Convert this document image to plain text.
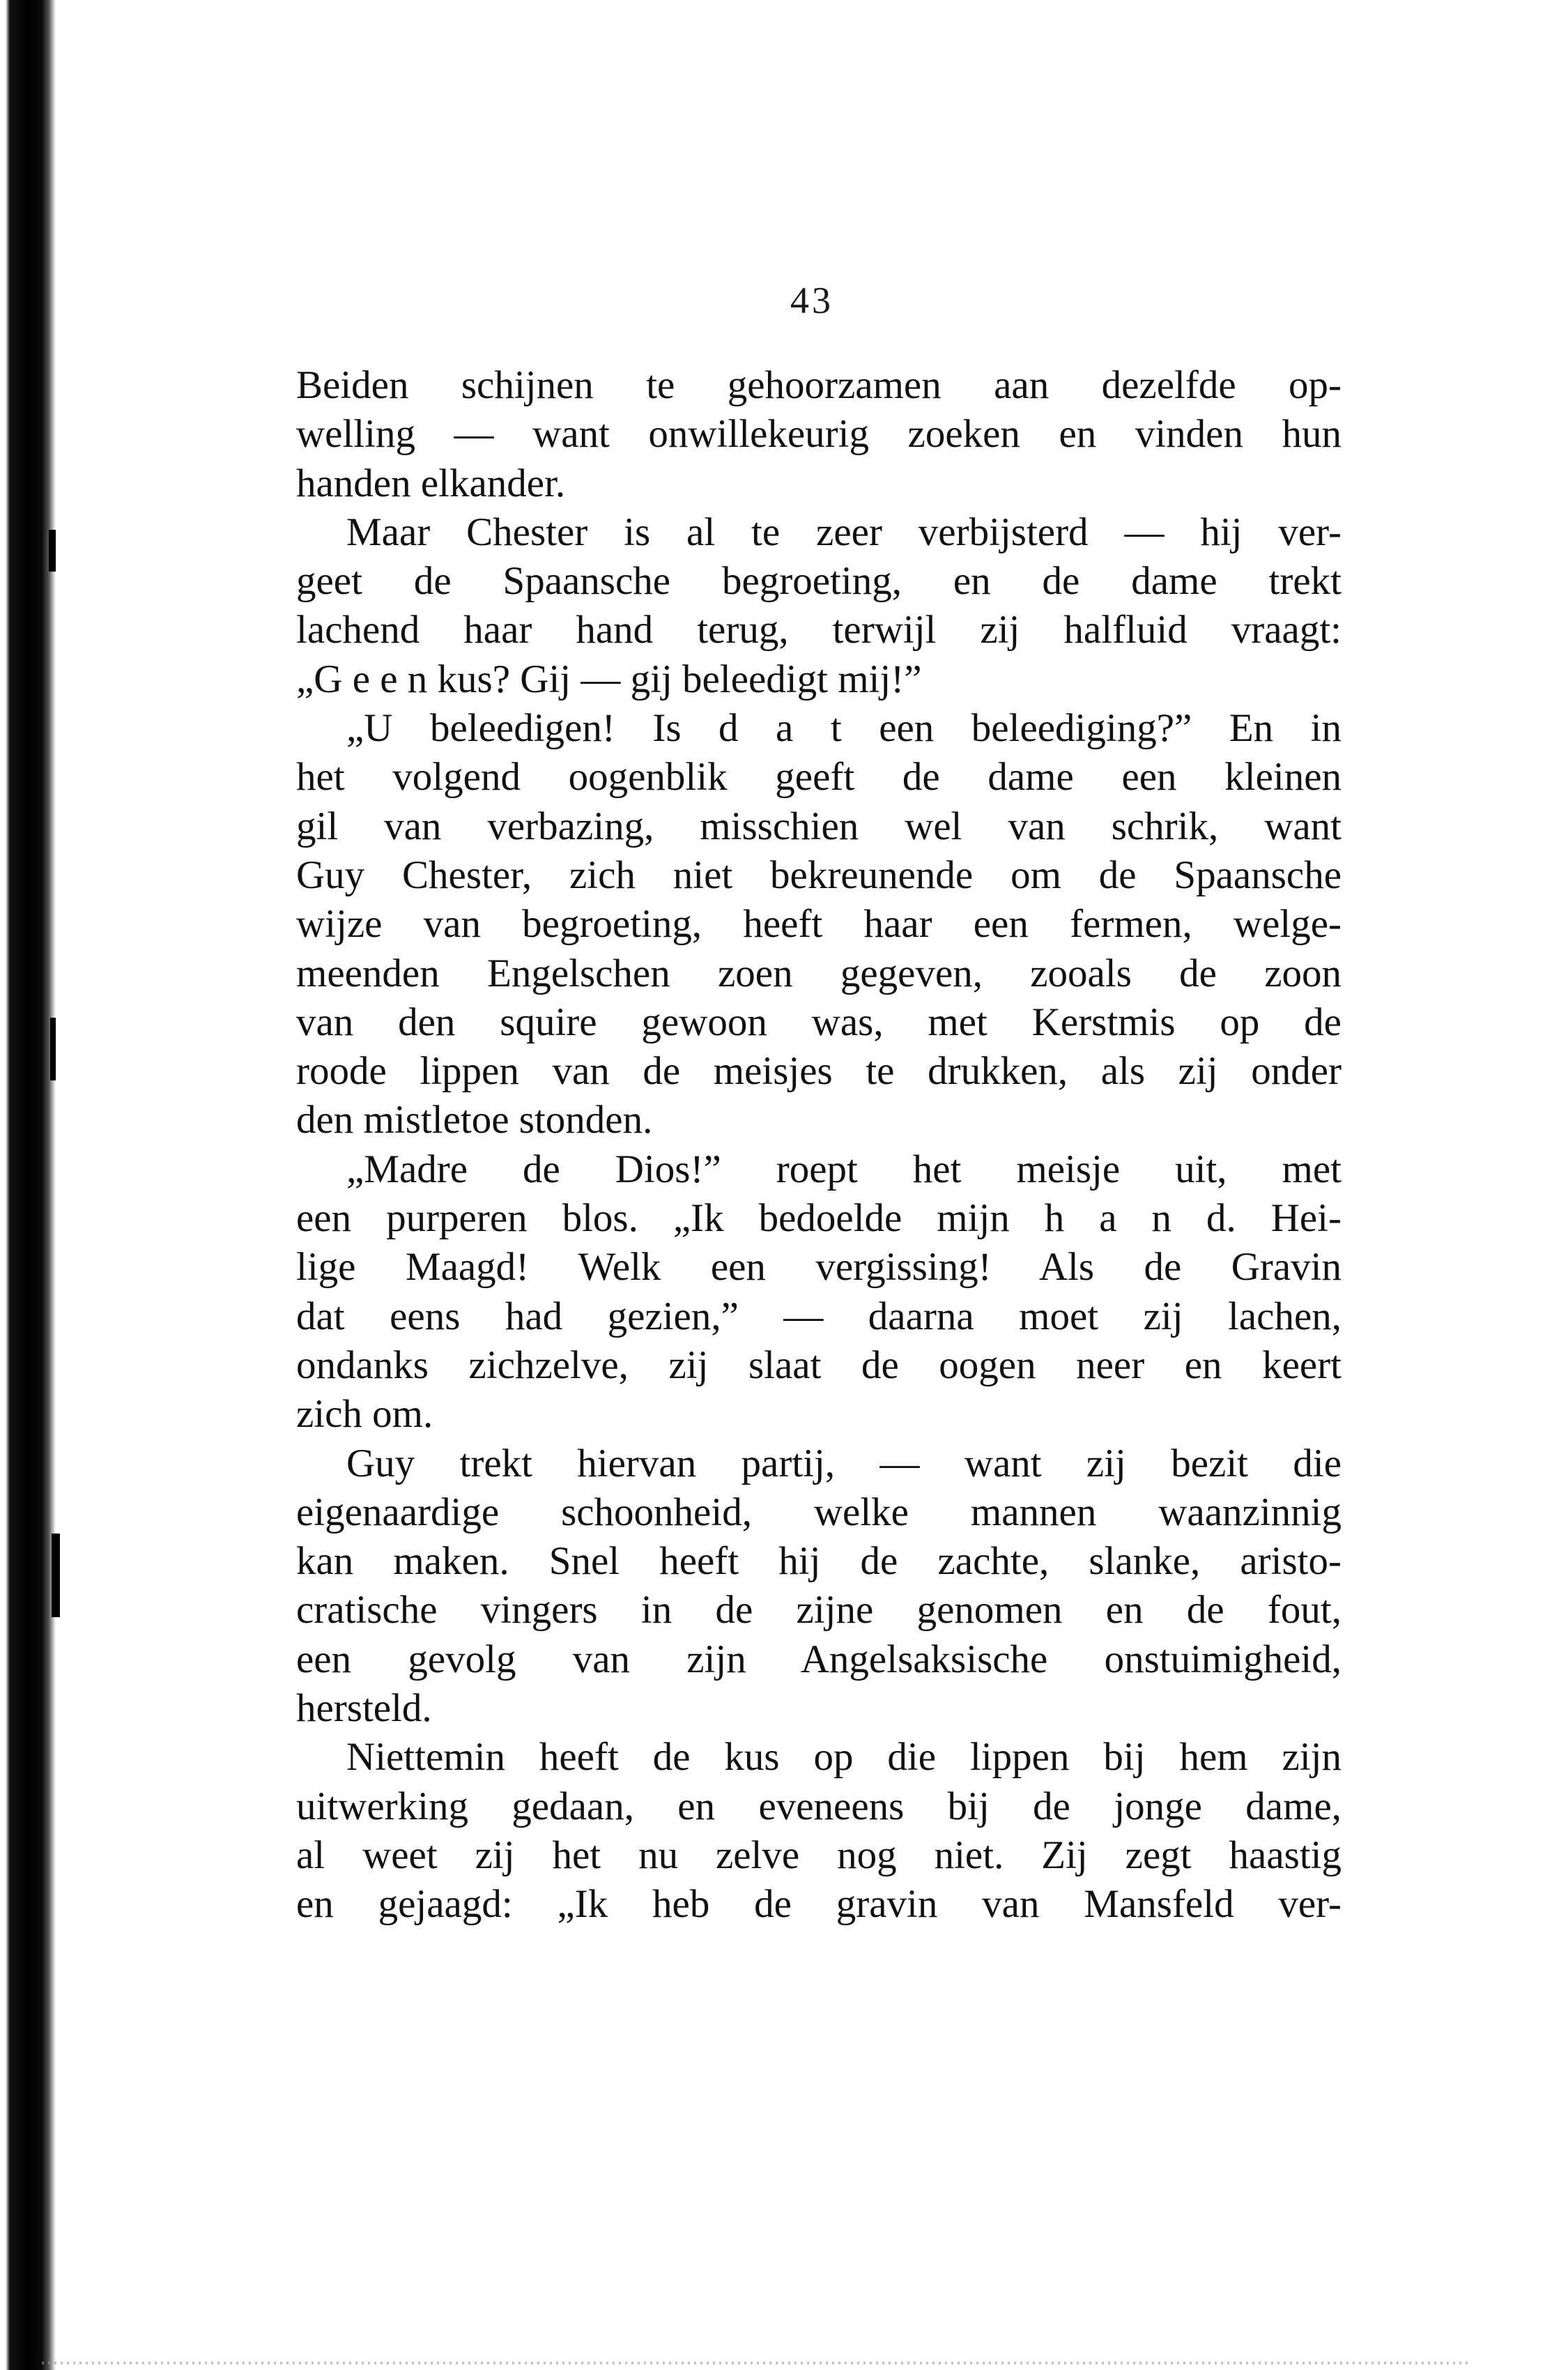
43
Beiden schijnen te gehoorzamen aan dezelfde op-
welling — want onwillekeurig zoeken en vinden hun
handen elkander.
Maar Chester is al te zeer verbijsterd — hij ver-
geet de Spaansche begroeting, en de dame trekt
lachend haar hand terug, terwijl zij halfluid vraagt:
„G e e n kus? Gij — gij beleedigt mij!”
„U beleedigen! Is d a t een beleediging?” En in
het volgend oogenblik geeft de dame een kleinen
gil van verbazing, misschien wel van schrik, want
Guy Chester, zich niet bekreunende om de Spaansche
wijze van begroeting, heeft haar een fermen, welge-
meenden Engelschen zoen gegeven, zooals de zoon
van den squire gewoon was, met Kerstmis op de
roode lippen van de meisjes te drukken, als zij onder
den mistletoe stonden.
„Madre de Dios!” roept het meisje uit, met
een purperen blos. „Ik bedoelde mijn h a n d. Hei-
lige Maagd! Welk een vergissing! Als de Gravin
dat eens had gezien,” — daarna moet zij lachen,
ondanks zichzelve, zij slaat de oogen neer en keert
zich om.
Guy trekt hiervan partij, — want zij bezit die
eigenaardige schoonheid, welke mannen waanzinnig
kan maken. Snel heeft hij de zachte, slanke, aristo-
cratische vingers in de zijne genomen en de fout,
een gevolg van zijn Angelsaksische onstuimigheid,
hersteld.
Niettemin heeft de kus op die lippen bij hem zijn
uitwerking gedaan, en eveneens bij de jonge dame,
al weet zij het nu zelve nog niet. Zij zegt haastig
en gejaagd: „Ik heb de gravin van Mansfeld ver-
